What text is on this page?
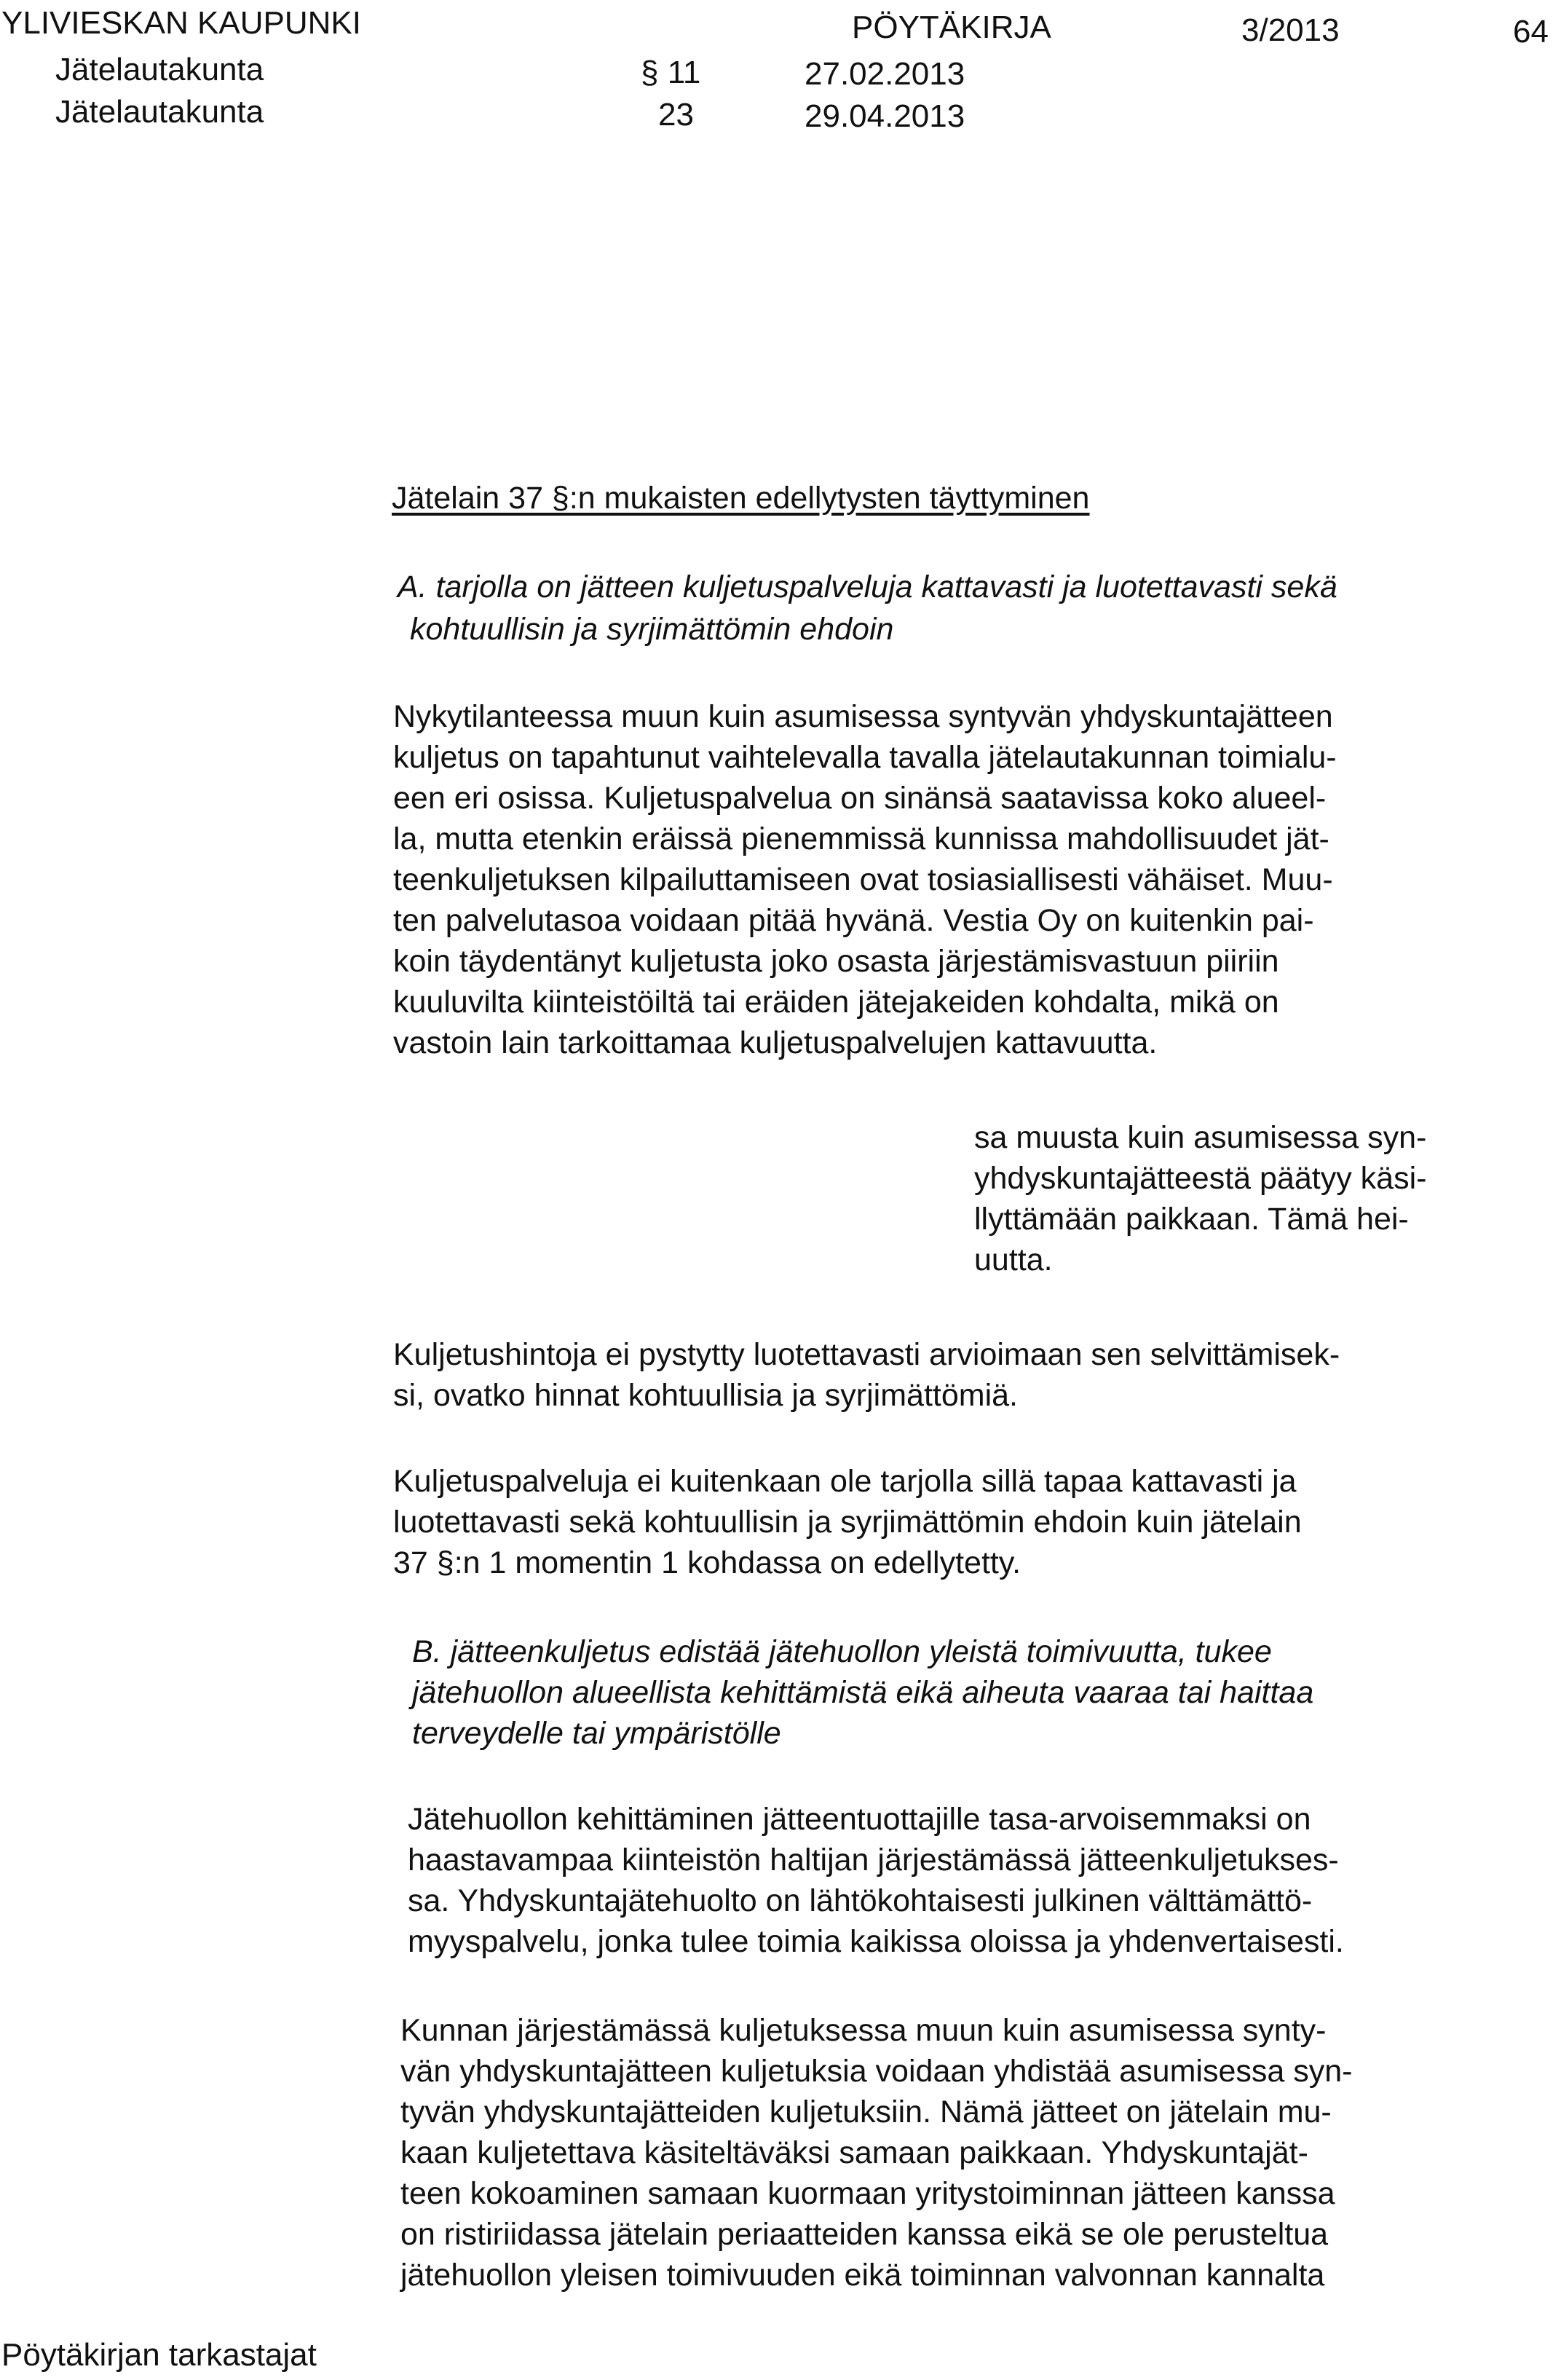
YLIVIESKAN KAUPUNKI	PÖYTÄKIRJA	3/2013	64
Jätelautakunta	§ 11	27.02.2013
Jätelautakunta	23	29.04.2013
Jätelain 37 §:n mukaisten edellytysten täyttyminen
A. tarjolla on jätteen kuljetuspalveluja kattavasti ja luotettavasti sekä
kohtuullisin ja syrjimättömin ehdoin
Nykytilanteessa muun kuin asumisessa syntyvän yhdyskuntajätteen
kuljetus on tapahtunut vaihtelevalla tavalla jätelautakunnan toimialu-
een eri osissa. Kuljetuspalvelua on sinänsä saatavissa koko alueel-
la, mutta etenkin eräissä pienemmissä kunnissa mahdollisuudet jät-
teenkuljetuksen kilpailuttamiseen ovat tosiasiallisesti vähäiset. Muu-
ten palvelutasoa voidaan pitää hyvänä. Vestia Oy on kuitenkin pai-
koin täydentänyt kuljetusta joko osasta järjestämisvastuun piiriin
kuuluvilta kiinteistöiltä tai eräiden jätejakeiden kohdalta, mikä on
vastoin lain tarkoittamaa kuljetuspalvelujen kattavuutta.
sa muusta kuin asumisessa syn-
yhdyskuntajätteestä päätyy käsi-
llyttämään paikkaan. Tämä hei-
uutta.
Kuljetushintoja ei pystytty luotettavasti arvioimaan sen selvittämisek-
si, ovatko hinnat kohtuullisia ja syrjimättömiä.
Kuljetuspalveluja ei kuitenkaan ole tarjolla sillä tapaa kattavasti ja
luotettavasti sekä kohtuullisin ja syrjimättömin ehdoin kuin jätelain
37 §:n 1 momentin 1 kohdassa on edellytetty.
B. jätteenkuljetus edistää jätehuollon yleistä toimivuutta, tukee
jätehuollon alueellista kehittämistä eikä aiheuta vaaraa tai haittaa
terveydelle tai ympäristölle
Jätehuollon kehittäminen jätteentuottajille tasa-arvoisemmaksi on
haastavampaa kiinteistön haltijan järjestämässä jätteenkuljetukses-
sa. Yhdyskuntajätehuolto on lähtökohtaisesti julkinen välttämättö-
myyspalvelu, jonka tulee toimia kaikissa oloissa ja yhdenvertaisesti.
Kunnan järjestämässä kuljetuksessa muun kuin asumisessa synty-
vän yhdyskuntajätteen kuljetuksia voidaan yhdistää asumisessa syn-
tyvän yhdyskuntajätteiden kuljetuksiin. Nämä jätteet on jätelain mu-
kaan kuljetettava käsiteltäväksi samaan paikkaan. Yhdyskuntajät-
teen kokoaminen samaan kuormaan yritystoiminnan jätteen kanssa
on ristiriidassa jätelain periaatteiden kanssa eikä se ole perusteltua
jätehuollon yleisen toimivuuden eikä toiminnan valvonnan kannalta
Pöytäkirjan tarkastajat
